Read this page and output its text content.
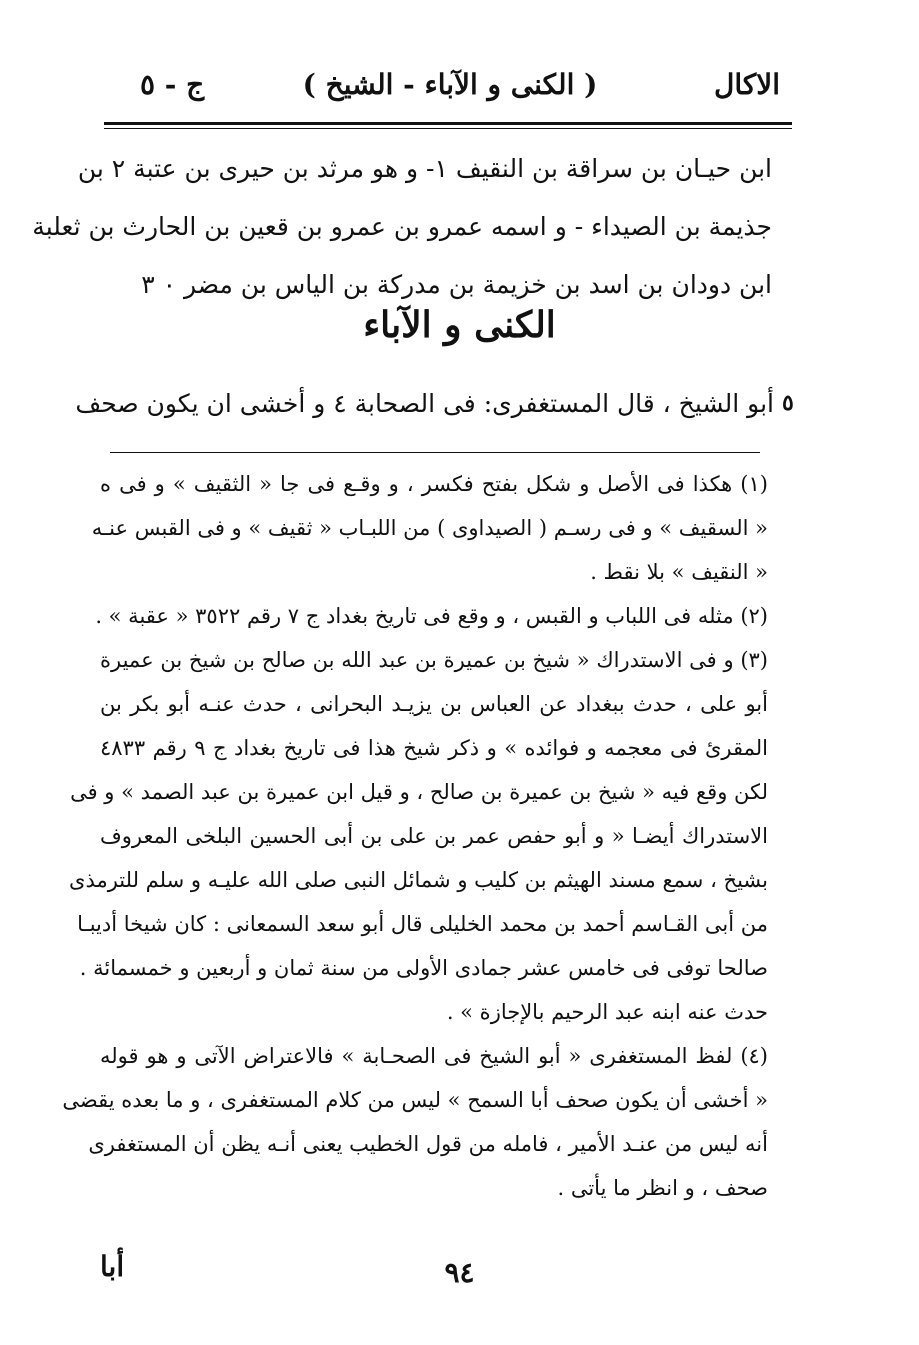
الاكال
( الكنى و الآباء - الشيخ )
ج - ٥

ابن حيـان بن سراقة بن النقيف ١- و هو مرثد بن حيرى بن عتبة ٢ بن

جذيمة بن الصيداء - و اسمه عمرو بن عمرو بن قعين بن الحارث بن ثعلبة

ابن دودان بن اسد بن خزيمة بن مدركة بن الياس بن مضر ٠ ٣

الكنى و الآباء
أبو الشيخ ، قال المستغفرى: فى الصحابة ٤ و أخشى ان يكون صحف ٥

(١) هكذا فى الأصل و شكل بفتح فكسر ، و وقـع فى جا « الثقيف » و فى ه

« السقيف » و فى رسـم ( الصيداوى ) من اللبـاب « ثقيف » و فى القبس عنـه

« النقيف » بلا نقط .

(٢) مثله فى اللباب و القبس ، و وقع فى تاريخ بغداد ج ٧ رقم ٣٥٢٢ « عقبة » .

(٣) و فى الاستدراك « شيخ بن عميرة بن عبد الله بن صالح بن شيخ بن عميرة

أبو على ، حدث ببغداد عن العباس بن يزيـد البحرانى ، حدث عنـه أبو بكر بن

المقرئ فى معجمه و فوائده » و ذكر شيخ هذا فى تاريخ بغداد ج ٩ رقم ٤٨٣٣

لكن وقع فيه « شيخ بن عميرة بن صالح ، و قيل ابن عميرة بن عبد الصمد » و فى

الاستدراك أيضـا « و أبو حفص عمر بن على بن أبى الحسين البلخى المعروف

بشيخ ، سمع مسند الهيثم بن كليب و شمائل النبى صلى الله عليـه و سلم للترمذى

من أبى القـاسم أحمد بن محمد الخليلى قال أبو سعد السمعانى : كان شيخا أديبـا

صالحا توفى فى خامس عشر جمادى الأولى من سنة ثمان و أربعين و خمسمائة .

حدث عنه ابنه عبد الرحيم بالإجازة » .

(٤) لفظ المستغفرى « أبو الشيخ فى الصحـابة » فالاعتراض الآتى و هو قوله

« أخشى أن يكون صحف أبا السمح » ليس من كلام المستغفرى ، و ما بعده يقضى

أنه ليس من عنـد الأمير ، فامله من قول الخطيب يعنى أنـه يظن أن المستغفرى

صحف ، و انظر ما يأتى .

أبا	٩٤
